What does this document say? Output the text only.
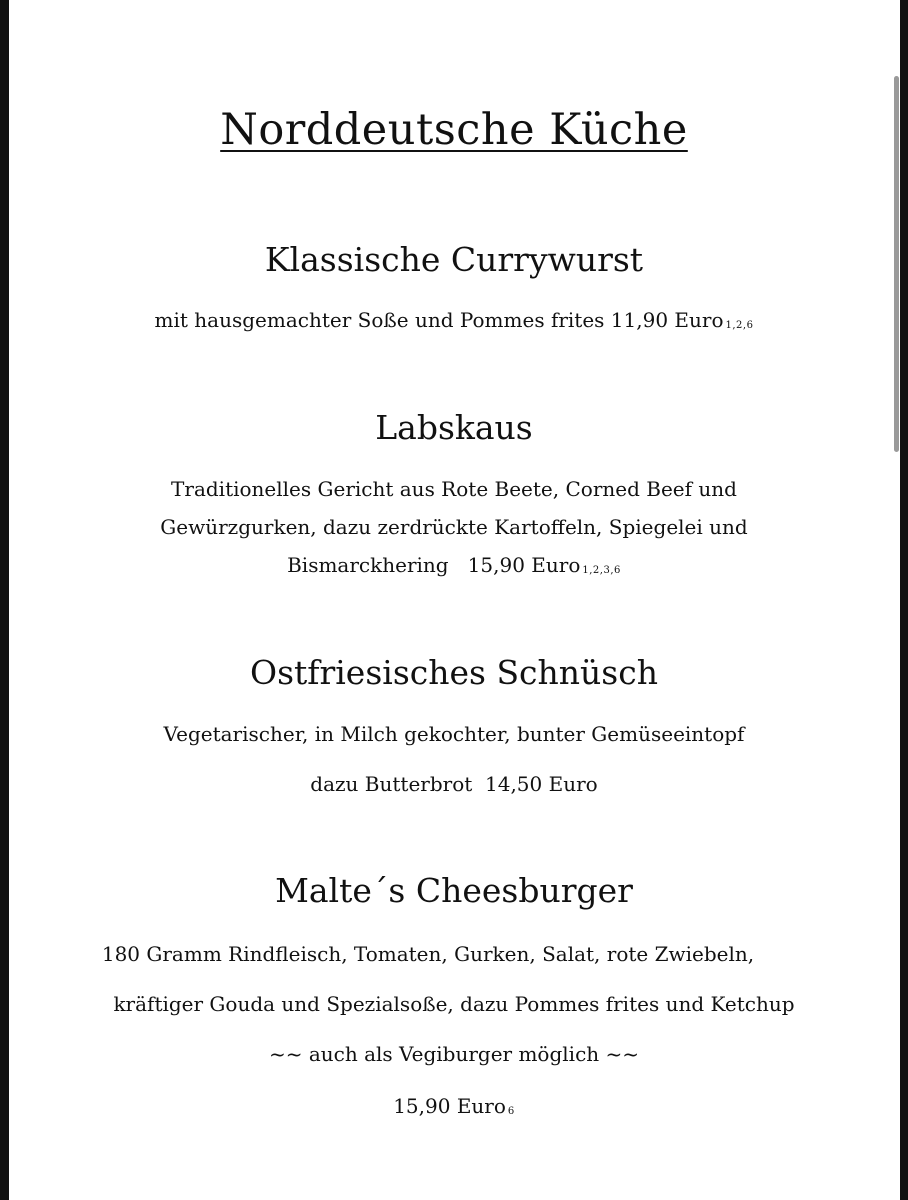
Norddeutsche Küche
Klassische Currywurst

mit hausgemachter Soße und Pommes frites 11,90 Euro 1,2,6

Labskaus

Traditionelles Gericht aus Rote Beete, Corned Beef und

Gewürzgurken, dazu zerdrückte Kartoffeln, Spiegelei und

Bismarckhering   15,90 Euro 1,2,3,6

Ostfriesisches Schnüsch

Vegetarischer, in Milch gekochter, bunter Gemüseeintopf

dazu Butterbrot  14,50 Euro

Malte´s Cheesburger

180 Gramm Rindfleisch, Tomaten, Gurken, Salat, rote Zwiebeln,

kräftiger Gouda und Spezialsoße, dazu Pommes frites und Ketchup

~~ auch als Vegiburger möglich ~~

15,90 Euro 6
